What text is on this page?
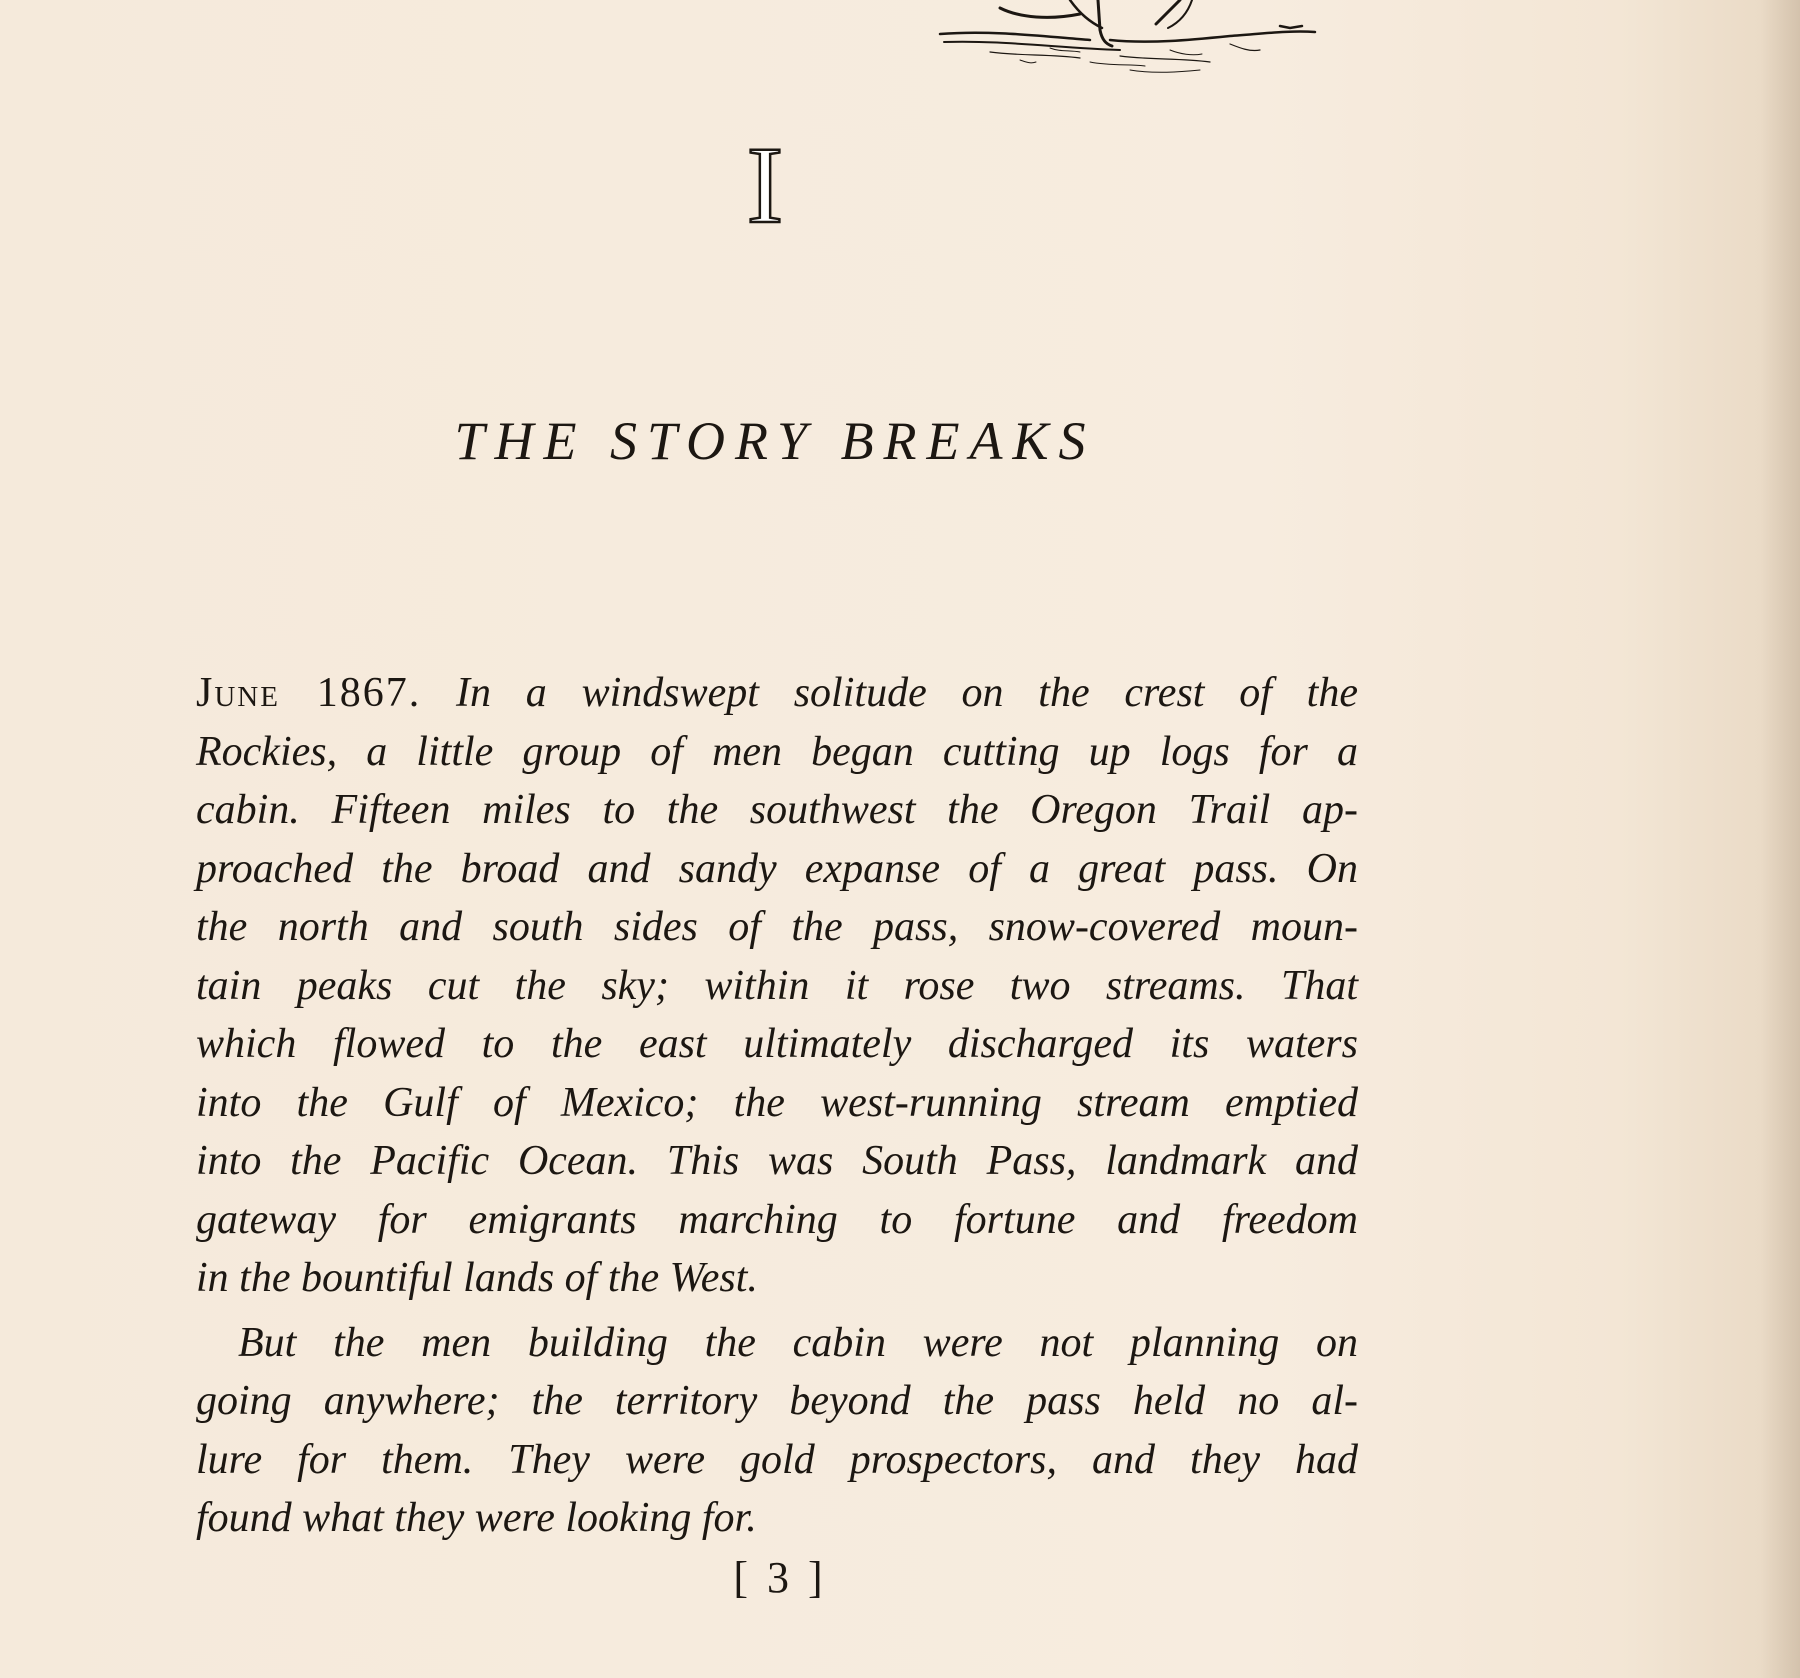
I
THE STORY BREAKS
June 1867. In a windswept solitude on the crest of the
Rockies, a little group of men began cutting up logs for a
cabin. Fifteen miles to the southwest the Oregon Trail ap-
proached the broad and sandy expanse of a great pass. On
the north and south sides of the pass, snow-covered moun-
tain peaks cut the sky; within it rose two streams. That
which flowed to the east ultimately discharged its waters
into the Gulf of Mexico; the west-running stream emptied
into the Pacific Ocean. This was South Pass, landmark and
gateway for emigrants marching to fortune and freedom
in the bountiful lands of the West.
But the men building the cabin were not planning on
going anywhere; the territory beyond the pass held no al-
lure for them. They were gold prospectors, and they had
found what they were looking for.
[ 3 ]
